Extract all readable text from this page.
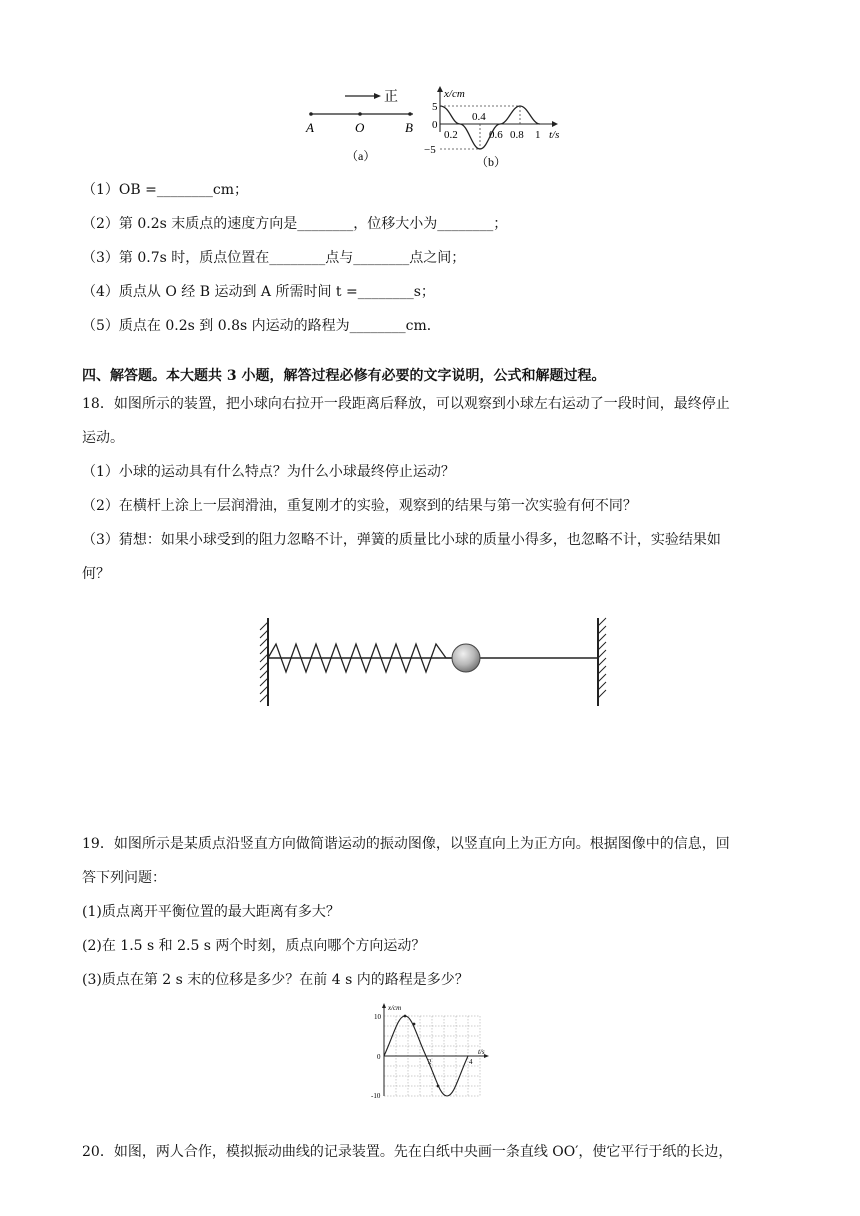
正
A	O	B
（a）
x/cm
t/s
5
0
−5
0.2
0.4
0.6 0.8 1
（b）
（1）OB =________cm；
（2）第 0.2s 末质点的速度方向是________，位移大小为________；
（3）第 0.7s 时，质点位置在________点与________点之间；
（4）质点从 O 经 B 运动到 A 所需时间 t =________s；
（5）质点在 0.2s 到 0.8s 内运动的路程为________cm．
四、解答题。本大题共 3 小题，解答过程必修有必要的文字说明，公式和解题过程。
18．如图所示的装置，把小球向右拉开一段距离后释放，可以观察到小球左右运动了一段时间，最终停止
运动。
（1）小球的运动具有什么特点？为什么小球最终停止运动？
（2）在横杆上涂上一层润滑油，重复刚才的实验，观察到的结果与第一次实验有何不同？
（3）猜想：如果小球受到的阻力忽略不计，弹簧的质量比小球的质量小得多，也忽略不计，实验结果如
何？
19．如图所示是某质点沿竖直方向做简谐运动的振动图像，以竖直向上为正方向。根据图像中的信息，回
答下列问题：
(1)质点离开平衡位置的最大距离有多大？
(2)在 1.5 s 和 2.5 s 两个时刻，质点向哪个方向运动？
(3)质点在第 2 s 末的位移是多少？在前 4 s 内的路程是多少？
x/cm
t/s
10
0
-10
2	4
20．如图，两人合作，模拟振动曲线的记录装置。先在白纸中央画一条直线 OO′，使它平行于纸的长边，
